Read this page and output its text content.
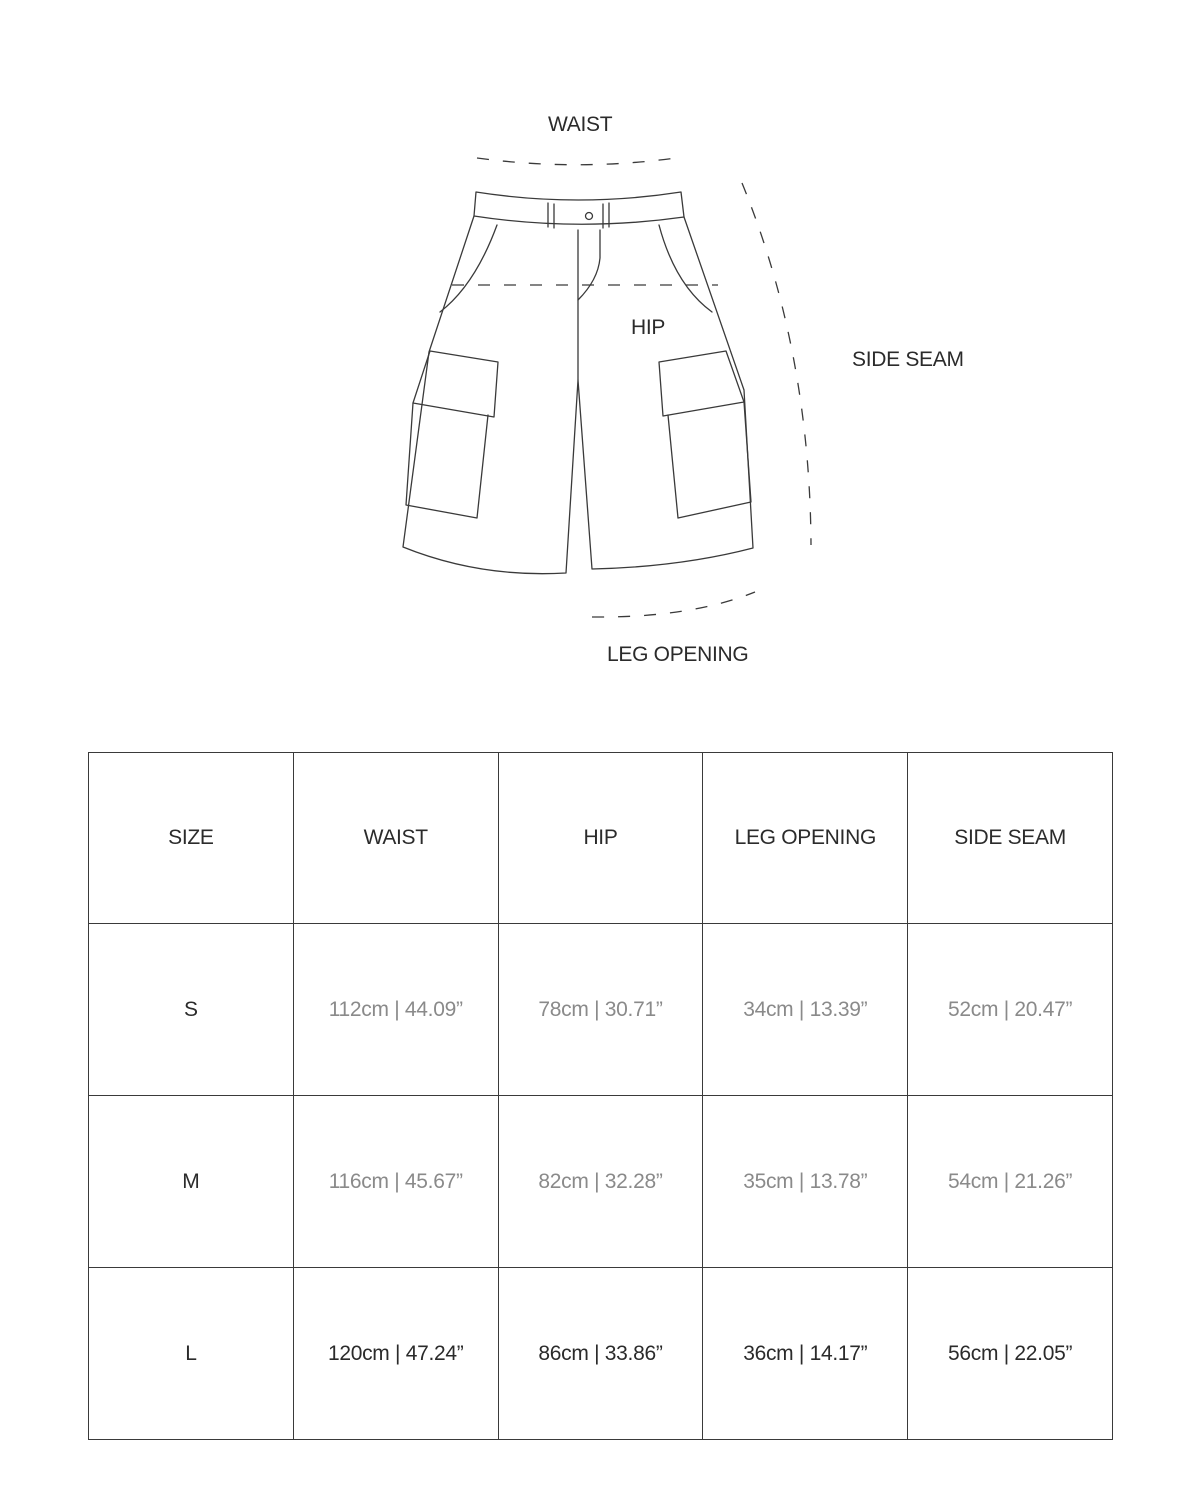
WAIST
HIP
SIDE SEAM
LEG OPENING
SIZE	WAIST	HIP	LEG OPENING	SIDE SEAM
S	112cm | 44.09”	78cm | 30.71”	34cm | 13.39”	52cm | 20.47”
M	116cm | 45.67”	82cm | 32.28”	35cm | 13.78”	54cm | 21.26”
L	120cm | 47.24”	86cm | 33.86”	36cm | 14.17”	56cm | 22.05”
